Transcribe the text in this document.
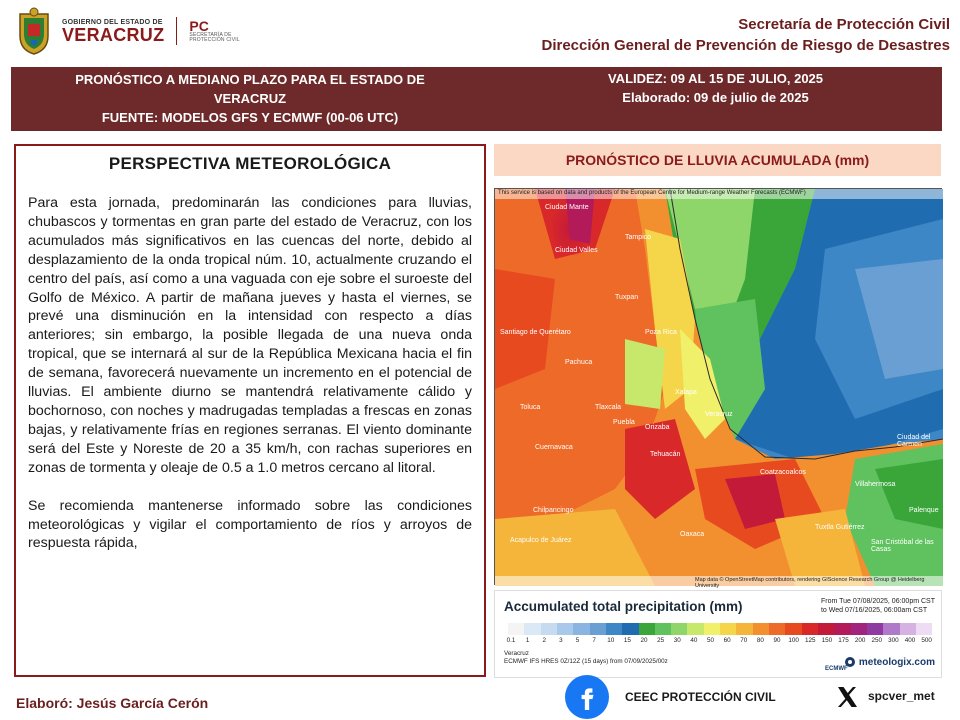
GOBIERNO DEL ESTADO DE
VERACRUZ PC
SECRETARÍA DE
PROTECCIÓN CIVIL
Secretaría de Protección Civil
Dirección General de Prevención de Riesgo de Desastres
PRONÓSTICO A MEDIANO PLAZO PARA EL ESTADO DE
VERACRUZ
FUENTE: MODELOS GFS Y ECMWF (00-06 UTC)
VALIDEZ: 09 AL 15 DE JULIO, 2025
Elaborado: 09 de julio de 2025
PERSPECTIVA METEOROLÓGICA

Para esta jornada, predominarán las condiciones para lluvias, chubascos y tormentas en gran parte del estado de Veracruz, con los acumulados más significativos en las cuencas del norte, debido al desplazamiento de la onda tropical núm. 10, actualmente cruzando el centro del país, así como a una vaguada con eje sobre el suroeste del Golfo de México. A partir de mañana jueves y hasta el viernes, se prevé una disminución en la intensidad con respecto a días anteriores; sin embargo, la posible llegada de una nueva onda tropical, que se internará al sur de la República Mexicana hacia el fin de semana, favorecerá nuevamente un incremento en el potencial de lluvias. El ambiente diurno se mantendrá relativamente cálido y bochornoso, con noches y madrugadas templadas a frescas en zonas bajas, y relativamente frías en regiones serranas. El viento dominante será del Este y Noreste de 20 a 35 km/h, con rachas superiores en zonas de tormenta y oleaje de 0.5 a 1.0 metros cercano al litoral.

Se recomienda mantenerse informado sobre las condiciones meteorológicas y vigilar el comportamiento de ríos y arroyos de respuesta rápida,

PRONÓSTICO DE LLUVIA ACUMULADA (mm)
This service is based on data and products of the European Centre for Medium-range Weather Forecasts (ECMWF)
Ciudad Mante
Ciudad Valles
Tampico
Tuxpan
Poza Rica
Xalapa
Veracruz
Puebla
Tehuacán
Oaxaca
Coatzacoalcos
Villahermosa
Ciudad del Carmen
Palenque
Tuxtla Gutiérrez
San Cristóbal de las Casas
Acapulco de Juárez
Chilpancingo
Cuernavaca
Toluca
Santiago de Querétaro
Pachuca
Tlaxcala
Orizaba
Map data © OpenStreetMap contributors, rendering GIScience Research Group @ Heidelberg University
Accumulated total precipitation (mm)	From Tue 07/08/2025, 06:00pm CST
to Wed 07/16/2025, 06:00am CST
0.1	1	2	3	5	7	10	15	20	25	30	40	50	60	70	80	90	100 125 150 175 200 250 300 400 500
Veracruz
ECMWF IFS HRES 0Z/12Z (15 days) from 07/09/2025/00z
ECMWF
meteologix.com
Elaboró: Jesús García Cerón	CEEC PROTECCIÓN CIVIL	spcver_met
